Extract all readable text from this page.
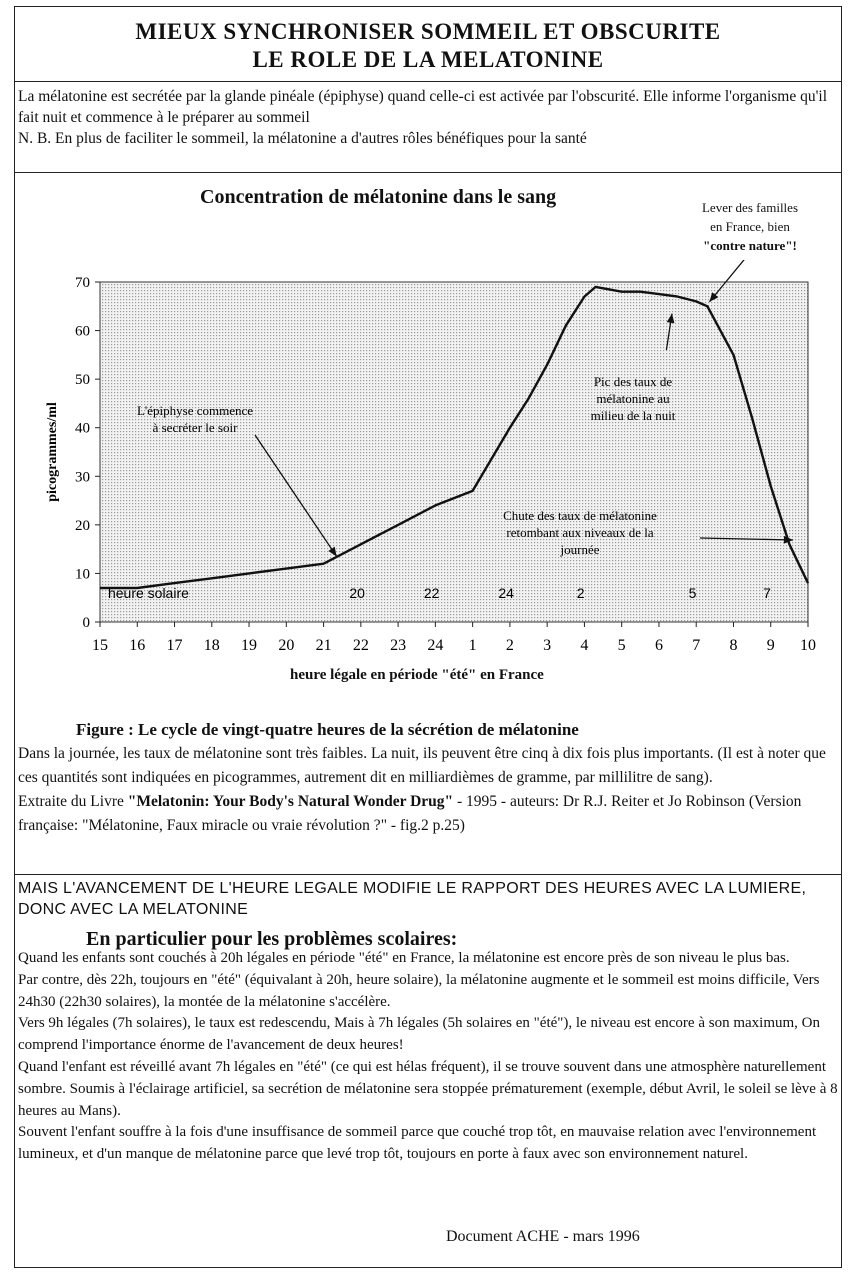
MIEUX SYNCHRONISER SOMMEIL ET OBSCURITE
LE ROLE DE LA MELATONINE
La mélatonine est secrétée par la glande pinéale (épiphyse) quand celle-ci est activée par l'obscurité. Elle informe l'organisme qu'il fait nuit et commence à le préparer au sommeil
N. B. En plus de faciliter le sommeil, la mélatonine a d'autres rôles bénéfiques pour la santé
Concentration de mélatonine dans le sang	Lever des familles
en France, bien
"contre nature"!
0
10
20
30
40
50
60
70
picogrammes/ml
15 16 17 18 19 20 21 22 23 24 1 2 3 4 5 6 7 8 9 10
heure solaire	20	22	24	2	5	7
L'épiphyse commence
à secréter le soir
Pic des taux de
mélatonine au
milieu de la nuit
Chute des taux de mélatonine
retombant aux niveaux de la
journée
heure légale en période "été" en France
Figure : Le cycle de vingt-quatre heures de la sécrétion de mélatonine

Dans la journée, les taux de mélatonine sont très faibles. La nuit, ils peuvent être cinq à dix fois plus importants. (Il est à noter que ces quantités sont indiquées en picogrammes, autrement dit en milliardièmes de gramme, par millilitre de sang).

Extraite du Livre "Melatonin: Your Body's Natural Wonder Drug" - 1995 - auteurs: Dr R.J. Reiter et Jo Robinson (Version française: "Mélatonine, Faux miracle ou vraie révolution ?" - fig.2 p.25)

MAIS L'AVANCEMENT DE L'HEURE LEGALE MODIFIE LE RAPPORT DES HEURES AVEC LA LUMIERE, DONC AVEC LA MELATONINE
En particulier pour les problèmes scolaires:

Quand les enfants sont couchés à 20h légales en période "été" en France, la mélatonine est encore près de son niveau le plus bas.

Par contre, dès 22h, toujours en "été" (équivalant à 20h, heure solaire), la mélatonine augmente et le sommeil est moins difficile, Vers 24h30 (22h30 solaires), la montée de la mélatonine s'accélère.

Vers 9h légales (7h solaires), le taux est redescendu, Mais à 7h légales (5h solaires en "été"), le niveau est encore à son maximum, On comprend l'importance énorme de l'avancement de deux heures!

Quand l'enfant est réveillé avant 7h légales en "été" (ce qui est hélas fréquent), il se trouve souvent dans une atmosphère naturellement sombre. Soumis à l'éclairage artificiel, sa secrétion de mélatonine sera stoppée prématurement (exemple, début Avril, le soleil se lève à 8 heures au Mans).

Souvent l'enfant souffre à la fois d'une insuffisance de sommeil parce que couché trop tôt, en mauvaise relation avec l'environnement lumineux, et d'un manque de mélatonine parce que levé trop tôt, toujours en porte à faux avec son environnement naturel.

Document ACHE - mars 1996
